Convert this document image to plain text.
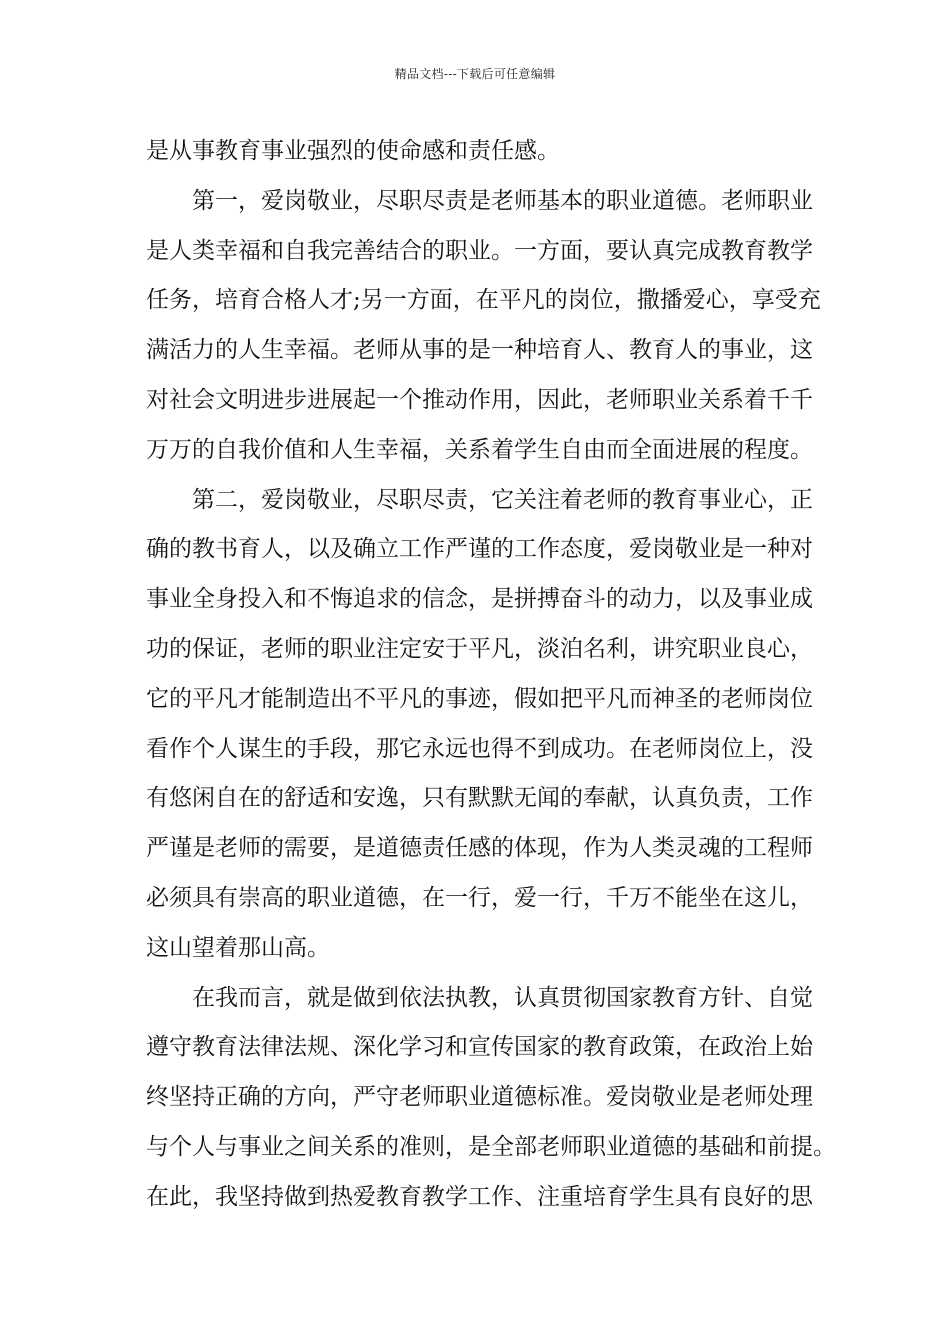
精品文档---下载后可任意编辑
是从事教育事业强烈的使命感和责任感。
第一，爱岗敬业，尽职尽责是老师基本的职业道德。老师职业
是人类幸福和自我完善结合的职业。一方面，要认真完成教育教学
任务，培育合格人才;另一方面，在平凡的岗位，撒播爱心，享受充
满活力的人生幸福。老师从事的是一种培育人、教育人的事业，这
对社会文明进步进展起一个推动作用，因此，老师职业关系着千千
万万的自我价值和人生幸福，关系着学生自由而全面进展的程度。
第二，爱岗敬业，尽职尽责，它关注着老师的教育事业心，正
确的教书育人，以及确立工作严谨的工作态度，爱岗敬业是一种对
事业全身投入和不悔追求的信念，是拼搏奋斗的动力，以及事业成
功的保证，老师的职业注定安于平凡，淡泊名利，讲究职业良心，
它的平凡才能制造出不平凡的事迹，假如把平凡而神圣的老师岗位
看作个人谋生的手段，那它永远也得不到成功。在老师岗位上，没
有悠闲自在的舒适和安逸，只有默默无闻的奉献，认真负责，工作
严谨是老师的需要，是道德责任感的体现，作为人类灵魂的工程师
必须具有崇高的职业道德，在一行，爱一行，千万不能坐在这儿，
这山望着那山高。
在我而言，就是做到依法执教，认真贯彻国家教育方针、自觉
遵守教育法律法规、深化学习和宣传国家的教育政策，在政治上始
终坚持正确的方向，严守老师职业道德标准。爱岗敬业是老师处理
与个人与事业之间关系的准则，是全部老师职业道德的基础和前提。
在此，我坚持做到热爱教育教学工作、注重培育学生具有良好的思
